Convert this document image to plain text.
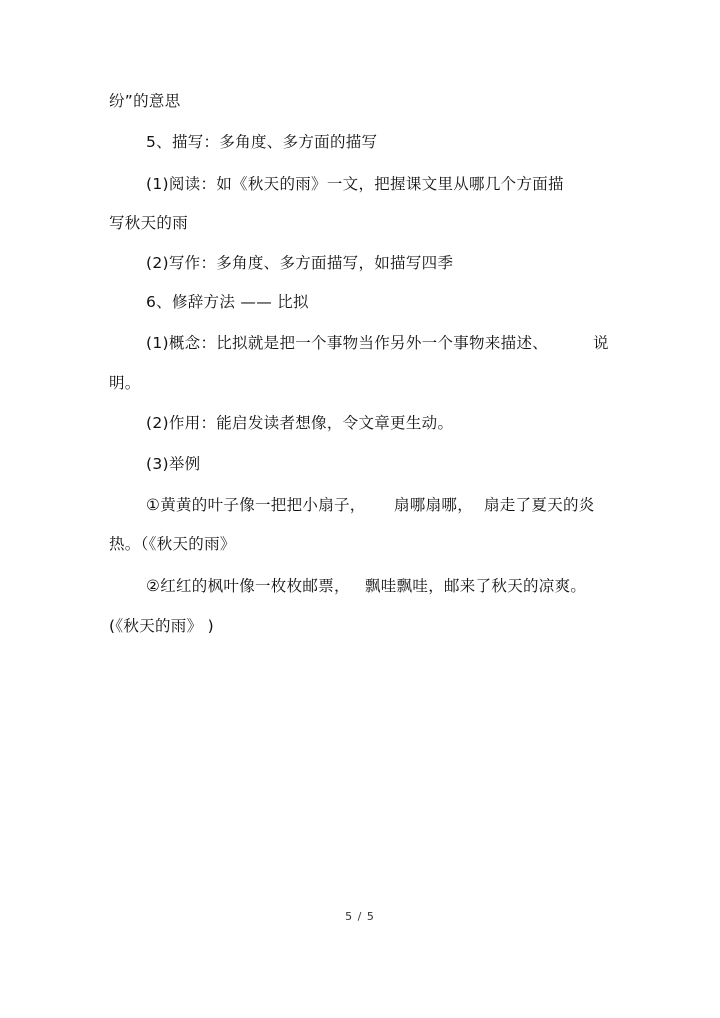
纷”的意思
5、描写：多角度、多方面的描写
(1)阅读：如《秋天的雨》一文，把握课文里从哪几个方面描
写秋天的雨
(2)写作：多角度、多方面描写，如描写四季
6、修辞方法 —— 比拟
(1)概念：比拟就是把一个事物当作另外一个事物来描述、	说
明。
(2)作用：能启发读者想像，令文章更生动。
(3)举例
①黄黄的叶子像一把把小扇子， 扇哪扇哪， 扇走了夏天的炎
热。（《秋天的雨》
②红红的枫叶像一枚枚邮票， 飘哇飘哇，邮来了秋天的凉爽。
(《秋天的雨》 )
5 / 5
